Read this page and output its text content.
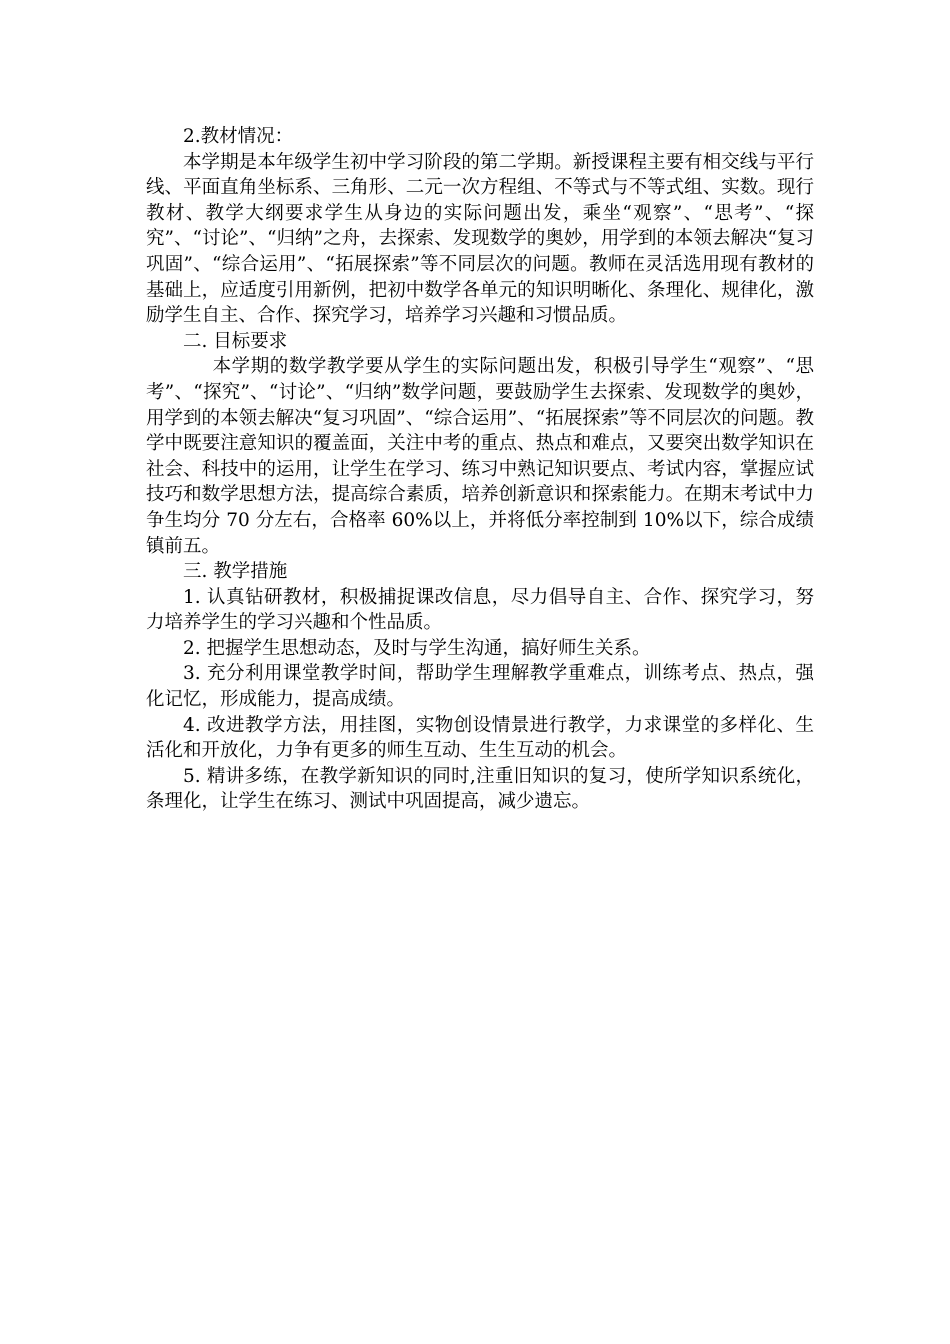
2.教材情况：

本学期是本年级学生初中学习阶段的第二学期。新授课程主要有相交线与平行线、平面直角坐标系、三角形、二元一次方程组、不等式与不等式组、实数。现行教材、教学大纲要求学生从身边的实际问题出发，乘坐“观察”、“思考”、“探究”、“讨论”、“归纳”之舟，去探索、发现数学的奥妙，用学到的本领去解决“复习巩固”、“综合运用”、“拓展探索”等不同层次的问题。教师在灵活选用现有教材的基础上，应适度引用新例，把初中数学各单元的知识明晰化、条理化、规律化，激励学生自主、合作、探究学习，培养学习兴趣和习惯品质。

二. 目标要求

本学期的数学教学要从学生的实际问题出发，积极引导学生“观察”、“思考”、“探究”、“讨论”、“归纳”数学问题，要鼓励学生去探索、发现数学的奥妙，用学到的本领去解决“复习巩固”、“综合运用”、“拓展探索”等不同层次的问题。教学中既要注意知识的覆盖面，关注中考的重点、热点和难点，又要突出数学知识在社会、科技中的运用，让学生在学习、练习中熟记知识要点、考试内容，掌握应试技巧和数学思想方法，提高综合素质，培养创新意识和探索能力。在期末考试中力争生均分 70 分左右，合格率 60%以上，并将低分率控制到 10%以下，综合成绩镇前五。

三. 教学措施

1. 认真钻研教材，积极捕捉课改信息，尽力倡导自主、合作、探究学习，努力培养学生的学习兴趣和个性品质。

2. 把握学生思想动态，及时与学生沟通，搞好师生关系。

3. 充分利用课堂教学时间，帮助学生理解教学重难点，训练考点、热点，强化记忆，形成能力，提高成绩。

4. 改进教学方法，用挂图，实物创设情景进行教学，力求课堂的多样化、生活化和开放化，力争有更多的师生互动、生生互动的机会。

5. 精讲多练，在教学新知识的同时,注重旧知识的复习，使所学知识系统化，条理化，让学生在练习、测试中巩固提高，减少遗忘。
